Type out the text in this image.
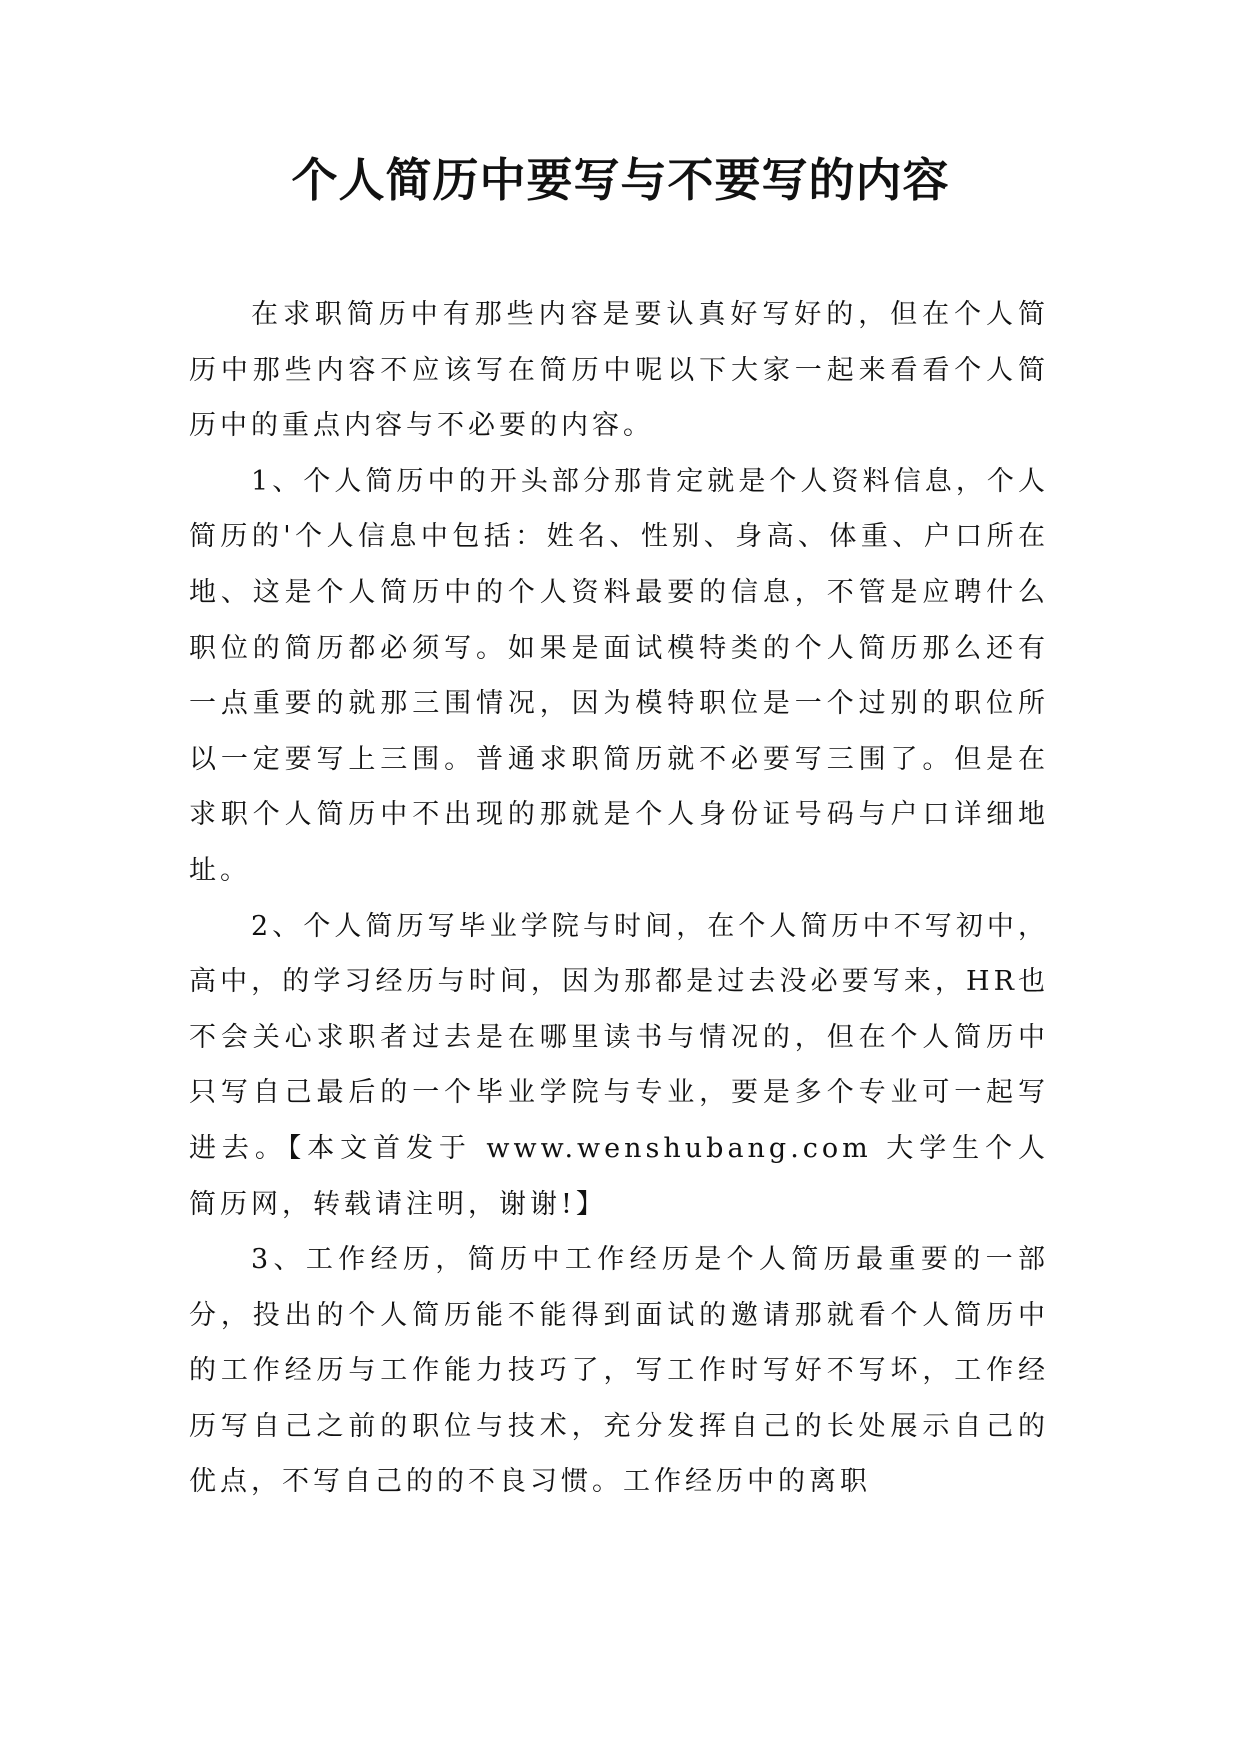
个人简历中要写与不要写的内容

在求职简历中有那些内容是要认真好写好的，但在个人简历中那些内容不应该写在简历中呢以下大家一起来看看个人简历中的重点内容与不必要的内容。

1、个人简历中的开头部分那肯定就是个人资料信息，个人简历的'个人信息中包括：姓名、性别、身高、体重、户口所在地、这是个人简历中的个人资料最要的信息，不管是应聘什么职位的简历都必须写。如果是面试模特类的个人简历那么还有一点重要的就那三围情况，因为模特职位是一个过别的职位所以一定要写上三围。普通求职简历就不必要写三围了。但是在求职个人简历中不出现的那就是个人身份证号码与户口详细地址。

2、个人简历写毕业学院与时间，在个人简历中不写初中，高中，的学习经历与时间，因为那都是过去没必要写来，HR也不会关心求职者过去是在哪里读书与情况的，但在个人简历中只写自己最后的一个毕业学院与专业，要是多个专业可一起写进去。【本文首发于 www.wenshubang.com 大学生个人简历网，转载请注明，谢谢!】

3、工作经历，简历中工作经历是个人简历最重要的一部分，投出的个人简历能不能得到面试的邀请那就看个人简历中的工作经历与工作能力技巧了，写工作时写好不写坏，工作经历写自己之前的职位与技术，充分发挥自己的长处展示自己的优点，不写自己的的不良习惯。工作经历中的离职
